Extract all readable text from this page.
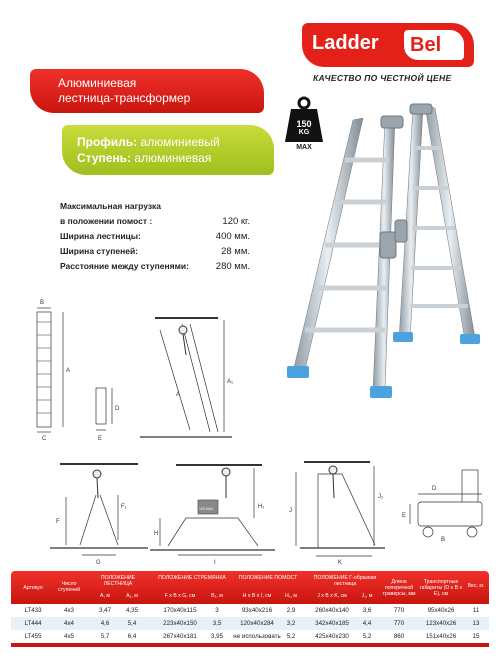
Ladder	Bel
КАЧЕСТВО ПО ЧЕСТНОЙ ЦЕНЕ
Алюминиевая
лестница-трансформер
Профиль: алюминиевый
Ступень: алюминиевая
150
KG
MAX
Максимальная нагрузка
в положении помост :	120 кг.
Ширина лестницы:	400 мм.
Ширина ступеней:	28 мм.
Расстояние между ступенями:	280 мм.
B
A
C
D
E
A
A₁
F
F₁
G
H
H₁
I
J
J₁
K
D
E
B
120 MAX
Артикул
Число ступеней
ПОЛОЖЕНИЕ ЛЕСТНИЦА
A, м	A₁, м
ПОЛОЖЕНИЕ СТРЕМЯНКА
F x B x G, см	B₁, м
ПОЛОЖЕНИЕ ПОМОСТ
H x B x I, см	H₁, м
ПОЛОЖЕНИЕ Г-образная лестница
J x B x K, см	J₁, м
Длина поперечной траверсы, мм
Транспортные габариты (D x B x E), см
Вес, кг.
LT433	4x3	3,47	4,35	170x40x115	3	93x40x216	2,9	260x40x140	3,6	770	95x40x26	11
LT444	4x4	4,6	5,4	223x40x150	3,5	120x40x284	3,2	342x40x185	4,4	770	123x40x26	13
LT455	4x5	5,7	6,4	267x40x181	3,95	не использовать 5,2	425x40x230	5,2	860	151x40x26	15
